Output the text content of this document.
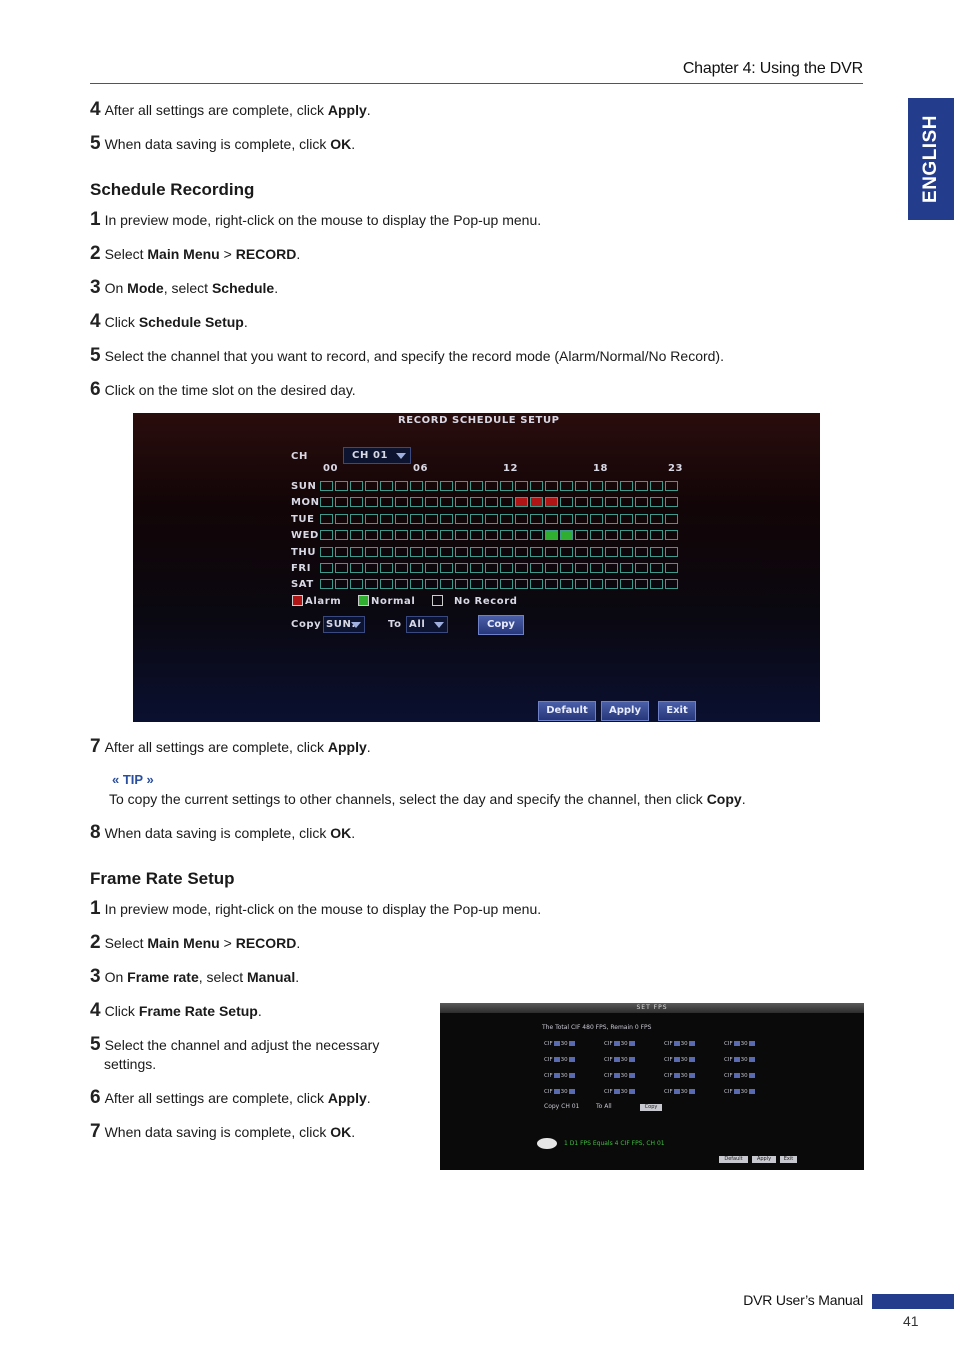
Chapter 4: Using the DVR
ENGLISH
4 After all settings are complete, click Apply.
5 When data saving is complete, click OK.
Schedule Recording
1 In preview mode, right-click on the mouse to display the Pop-up menu.
2 Select Main Menu > RECORD.
3 On Mode, select Schedule.
4 Click Schedule Setup.
5 Select the channel that you want to record, and specify the record mode (Alarm/Normal/No Record).
6 Click on the time slot on the desired day.
RECORD SCHEDULE SETUP
CH	CH 01
Alarm	Normal	No Record
Copy SUN.	To All	Copy
Default	Apply	Exit
00	06	12	18	23
SUN
MON
TUE
WED
THU
FRI
SAT
7 After all settings are complete, click Apply.
« TIP »
To copy the current settings to other channels, select the day and specify the channel, then click Copy.
8 When data saving is complete, click OK.
Frame Rate Setup
1 In preview mode, right-click on the mouse to display the Pop-up menu.
2 Select Main Menu > RECORD.
3 On Frame rate, select Manual.
4 Click Frame Rate Setup.
5 Select the channel and adjust the necessary
settings.
6 After all settings are complete, click Apply.
7 When data saving is complete, click OK.
SET FPS
The Total CIF 480 FPS, Remain 0 FPS
Copy CH 01	To All	Copy
1 D1 FPS Equals 4 CIF FPS, CH 01
Default	Apply	Exit
CIF 30	CIF 30	CIF 30	CIF 30
CIF 30	CIF 30	CIF 30	CIF 30
CIF 30	CIF 30	CIF 30	CIF 30
CIF 30	CIF 30	CIF 30	CIF 30
DVR User’s Manual
41
